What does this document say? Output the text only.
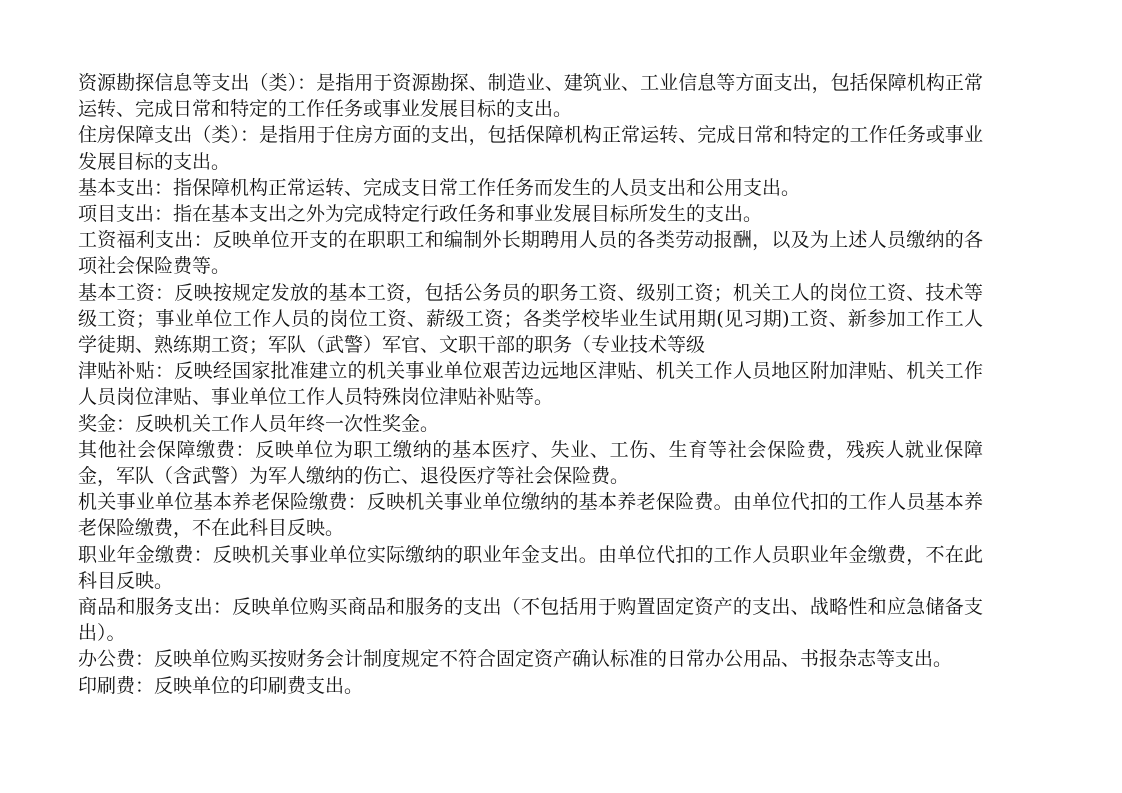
资源勘探信息等支出（类）：是指用于资源勘探、制造业、建筑业、工业信息等方面支出，包括保障机构正常运转、完成日常和特定的工作任务或事业发展目标的支出。

住房保障支出（类）：是指用于住房方面的支出，包括保障机构正常运转、完成日常和特定的工作任务或事业发展目标的支出。

基本支出：指保障机构正常运转、完成支日常工作任务而发生的人员支出和公用支出。

项目支出：指在基本支出之外为完成特定行政任务和事业发展目标所发生的支出。

工资福利支出：反映单位开支的在职职工和编制外长期聘用人员的各类劳动报酬，以及为上述人员缴纳的各项社会保险费等。

基本工资：反映按规定发放的基本工资，包括公务员的职务工资、级别工资；机关工人的岗位工资、技术等级工资；事业单位工作人员的岗位工资、薪级工资；各类学校毕业生试用期(见习期)工资、新参加工作工人学徒期、熟练期工资；军队（武警）军官、文职干部的职务（专业技术等级

津贴补贴：反映经国家批准建立的机关事业单位艰苦边远地区津贴、机关工作人员地区附加津贴、机关工作人员岗位津贴、事业单位工作人员特殊岗位津贴补贴等。

奖金：反映机关工作人员年终一次性奖金。

其他社会保障缴费：反映单位为职工缴纳的基本医疗、失业、工伤、生育等社会保险费，残疾人就业保障金，军队（含武警）为军人缴纳的伤亡、退役医疗等社会保险费。

机关事业单位基本养老保险缴费：反映机关事业单位缴纳的基本养老保险费。由单位代扣的工作人员基本养老保险缴费，不在此科目反映。

职业年金缴费：反映机关事业单位实际缴纳的职业年金支出。由单位代扣的工作人员职业年金缴费，不在此科目反映。

商品和服务支出：反映单位购买商品和服务的支出（不包括用于购置固定资产的支出、战略性和应急储备支出）。

办公费：反映单位购买按财务会计制度规定不符合固定资产确认标准的日常办公用品、书报杂志等支出。

印刷费：反映单位的印刷费支出。
